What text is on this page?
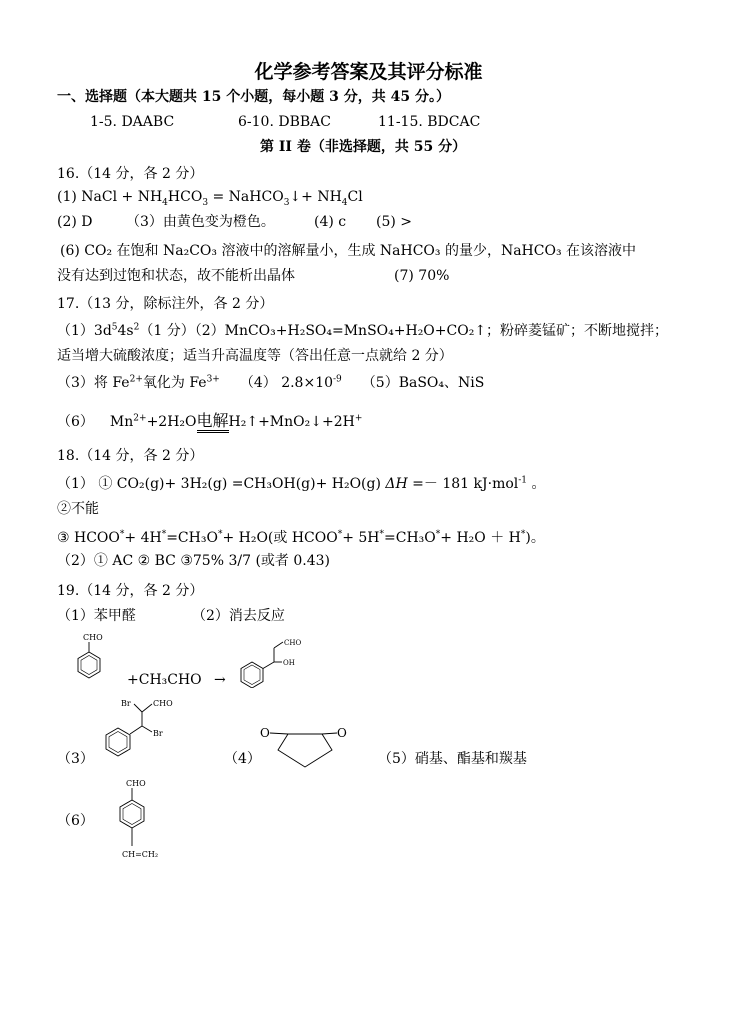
化学参考答案及其评分标准
一、选择题（本大题共 15 个小题，每小题 3 分，共 45 分。）
1-5. DAABC	6-10. DBBAC	11-15. BDCAC
第 II 卷（非选择题，共 55 分）
16.（14 分，各 2 分）
(1) NaCl + $NH_4HCO_3$ = NaHCO$_3$↓+ $NH_4Cl$
(2) D （3）由黄色变为橙色。	(4) c (5) >
(6) CO₂ 在饱和 Na₂CO₃ 溶液中的溶解量小，生成 NaHCO₃ 的量少，NaHCO₃ 在该溶液中
没有达到过饱和状态，故不能析出晶体	(7) 70%
17.（13 分，除标注外，各 2 分）
$(1)3d^54s^2(1$ 分）（2）MnCO₃+H₂SO₄=MnSO₄+H₂O+CO₂↑；粉碎菱锰矿；不断地搅拌；
适当增大硫酸浓度；适当升高温度等（答出任意一点就给 2 分）
（3）将 $Fe^{2+}$氧化为 $Fe^{3+}$ （4） $2.8\times 10^{-9}$ （5）BaSO₄、NiS
（6） $Mn^{2+}+2H_2O$电解H₂↑+MnO₂↓+2H+
18.（14 分，各 2 分）
（1） ① CO₂(g)+ 3H₂(g) =CH₃OH(g)+ H₂O(g) ΔH =－ 181 kJ·mol$^{-1}$ 。
②不能
③ HCOO*+ 4H*=CH₃O*+ H₂O(或 HCOO*+ 5H*=CH₃O*+ H₂O ＋ H*)。
（2）① AC ② BC ③75% 3/7 (或者 0.43)
19.（14 分，各 2 分）
（1）苯甲醛	（2）消去反应
CHO
+CH₃CHO →
CHO
OH
（3）
Br	CHO
Br
（4）
O	O
（5）硝基、酯基和羰基
（6）
CHO
CH=CH₂
